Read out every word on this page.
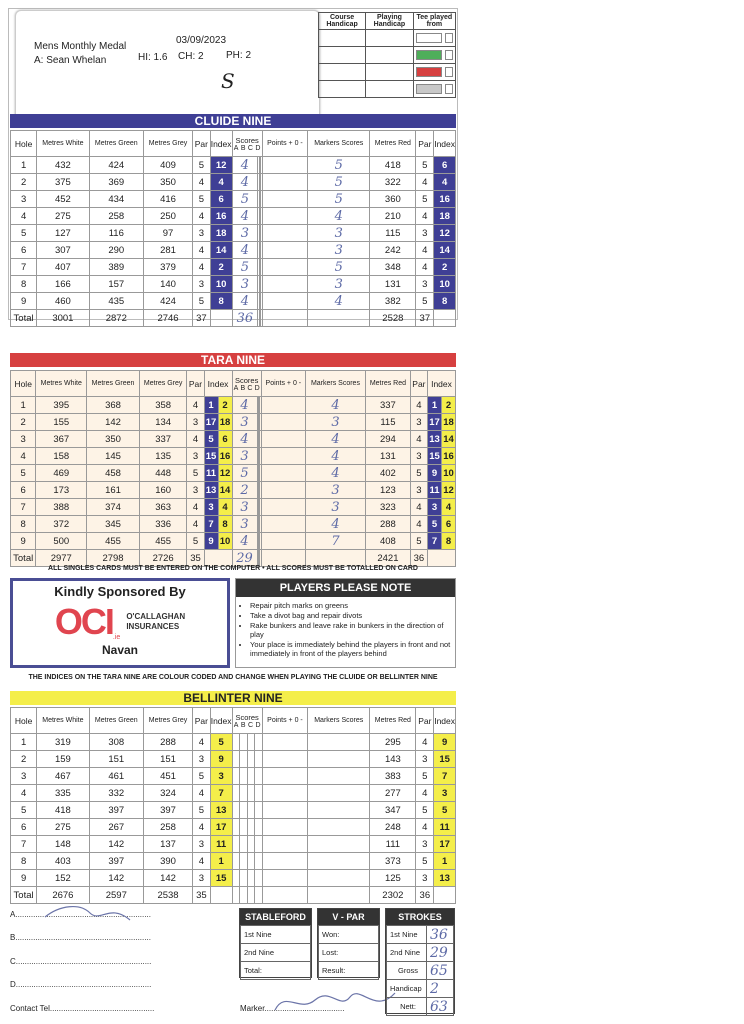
Mens Monthly Medal
03/09/2023
A: Sean Whelan	HI: 1.6 CH: 2 PH: 2
S
Course Handicap	Playing Handicap	Tee played from

CLUIDE NINE
Hole	Metres White	Metres Green	Metres Grey	Par	Index	Scores
A B C D			Points + 0 -	Markers Scores	Metres Red	Par	Index
1	432	424	409	5	12	4					5	418	5	6
2	375	369	350	4	4	4					5	322	4	4
3	452	434	416	5	6	5					5	360	5	16
4	275	258	250	4	16	4					4	210	4	18
5	127	116	97	3	18	3					3	115	3	12
6	307	290	281	4	14	4					3	242	4	14
7	407	389	379	4	2	5					5	348	4	2
8	166	157	140	3	10	3					3	131	3	10
9	460	435	424	5	8	4					4	382	5	8
Total	3001	2872	2746	37		36						2528	37	
TARA NINE
Hole	Metres White	Metres Green	Metres Grey	Par	Index		Scores
A B C D			Points + 0 -	Markers Scores	Metres Red	Par	Index	
1	395	368	358	4	1	2	4					4	337	4	1	2
2	155	142	134	3	17	18	3					3	115	3	17	18
3	367	350	337	4	5	6	4					4	294	4	13	14
4	158	145	135	3	15	16	3					4	131	3	15	16
5	469	458	448	5	11	12	5					4	402	5	9	10
6	173	161	160	3	13	14	2					3	123	3	11	12
7	388	374	363	4	3	4	3					3	323	4	3	4
8	372	345	336	4	7	8	3					4	288	4	5	6
9	500	455	455	5	9	10	4					7	408	5	7	8
Total	2977	2798	2726	35			29						2421	36		
ALL SINGLES CARDS MUST BE ENTERED ON THE COMPUTER • ALL SCORES MUST BE TOTALLED ON CARD
Kindly Sponsored By
OCI .ie
O'CALLAGHAN
INSURANCES
Navan
PLAYERS PLEASE NOTE
• Repair pitch marks on greens
• Take a divot bag and repair divots
• Rake bunkers and leave rake in bunkers in the direction of play
• Your place is immediately behind the players in front and not immediately in front of the players behind
THE INDICES ON THE TARA NINE ARE COLOUR CODED AND CHANGE WHEN PLAYING THE CLUIDE OR BELLINTER NINE
BELLINTER NINE
Hole	Metres White	Metres Green	Metres Grey	Par	Index	Scores
A B C D				Points + 0 -	Markers Scores	Metres Red	Par	Index
1	319	308	288	4	5							295	4	9
2	159	151	151	3	9							143	3	15
3	467	461	451	5	3							383	5	7
4	335	332	324	4	7							277	4	3
5	418	397	397	5	13							347	5	5
6	275	267	258	4	17							248	4	11
7	148	142	137	3	11							111	3	17
8	403	397	390	4	1							373	5	1
9	152	142	142	3	15							125	3	13
Total	2676	2597	2538	35								2302	36	
A.............................................................
B.............................................................
C.............................................................
D.............................................................
Contact Tel...............................................	Marker....................................
STABLEFORD
1st Nine
2nd Nine
Total:
V - PAR
Won:
Lost:
Result:
STROKES
1st Nine	36
2nd Nine	29
Gross	65
Handicap	2
Nett:	63
